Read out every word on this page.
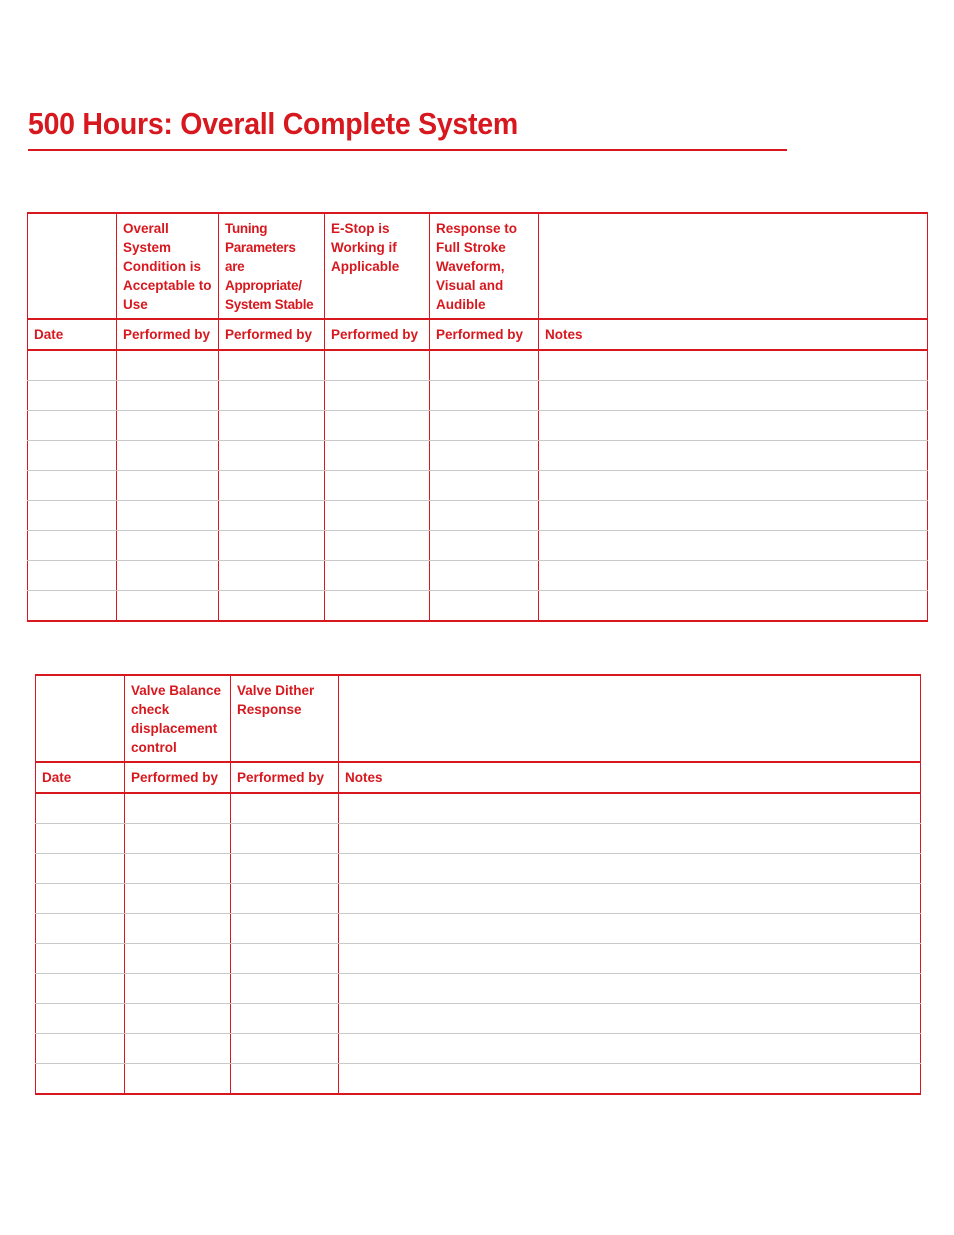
500 Hours: Overall Complete System

	Overall System Condition is Acceptable to Use	Tuning Parameters are Appropriate/ System Stable	E-Stop is Working if Applicable	Response to Full Stroke Waveform, Visual and Audible	

Date	Performed by	Performed by	Performed by	Performed by	Notes

	Valve Balance check displacement control	Valve Dither Response	

Date	Performed by	Performed by	Notes
